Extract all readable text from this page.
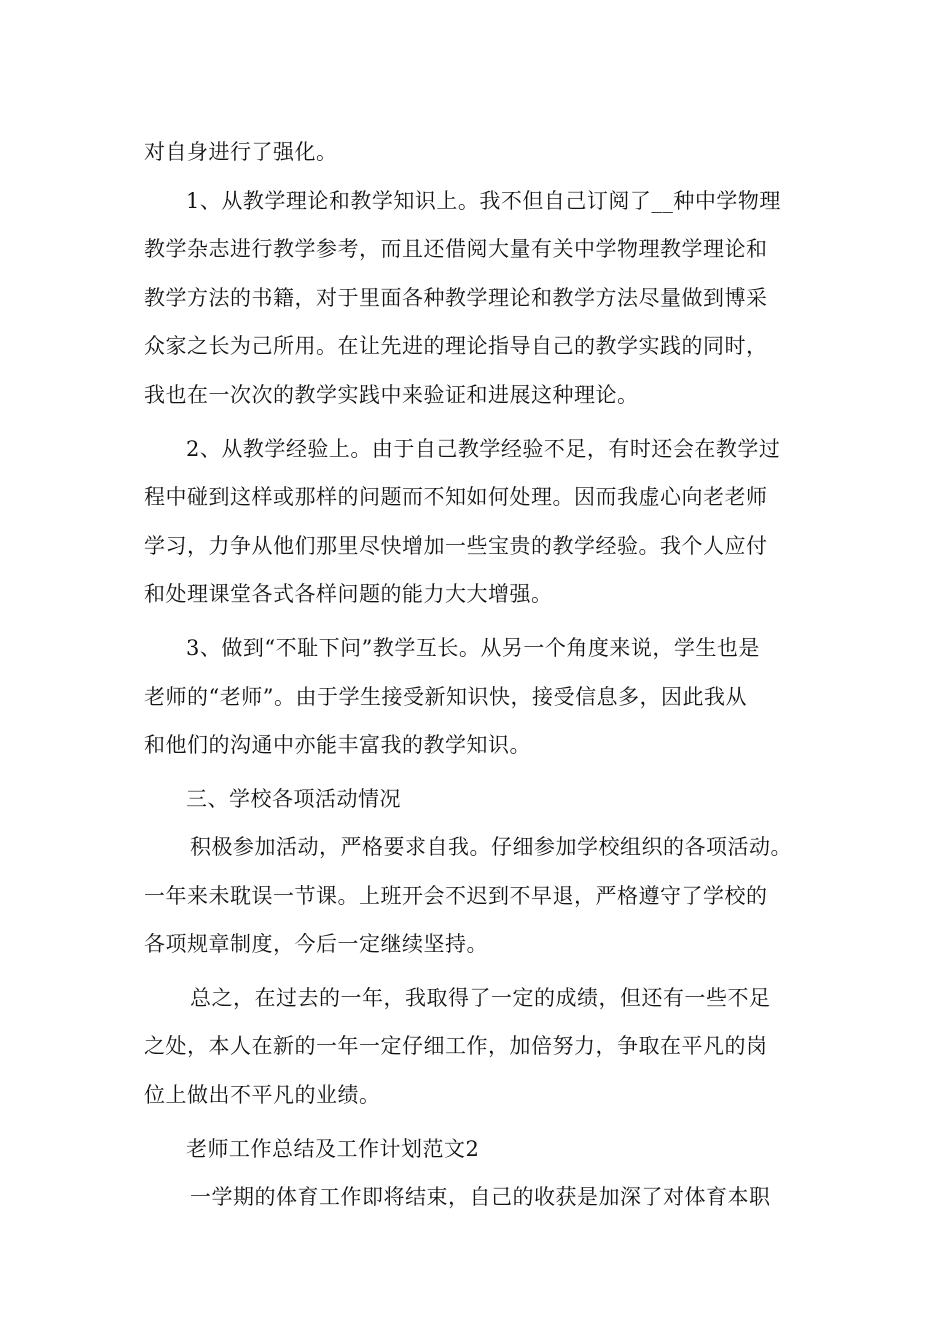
对自身进行了强化。
1、从教学理论和教学知识上。我不但自己订阅了__种中学物理
教学杂志进行教学参考，而且还借阅大量有关中学物理教学理论和
教学方法的书籍，对于里面各种教学理论和教学方法尽量做到博采
众家之长为己所用。在让先进的理论指导自己的教学实践的同时，
我也在一次次的教学实践中来验证和进展这种理论。
2、从教学经验上。由于自己教学经验不足，有时还会在教学过
程中碰到这样或那样的问题而不知如何处理。因而我虚心向老老师
学习，力争从他们那里尽快增加一些宝贵的教学经验。我个人应付
和处理课堂各式各样问题的能力大大增强。
3、做到“不耻下问”教学互长。从另一个角度来说，学生也是
老师的“老师”。由于学生接受新知识快，接受信息多，因此我从
和他们的沟通中亦能丰富我的教学知识。
三、学校各项活动情况
积极参加活动，严格要求自我。仔细参加学校组织的各项活动。
一年来未耽误一节课。上班开会不迟到不早退，严格遵守了学校的
各项规章制度，今后一定继续坚持。
总之，在过去的一年，我取得了一定的成绩，但还有一些不足
之处，本人在新的一年一定仔细工作，加倍努力，争取在平凡的岗
位上做出不平凡的业绩。
老师工作总结及工作计划范文2
一学期的体育工作即将结束，自己的收获是加深了对体育本职
